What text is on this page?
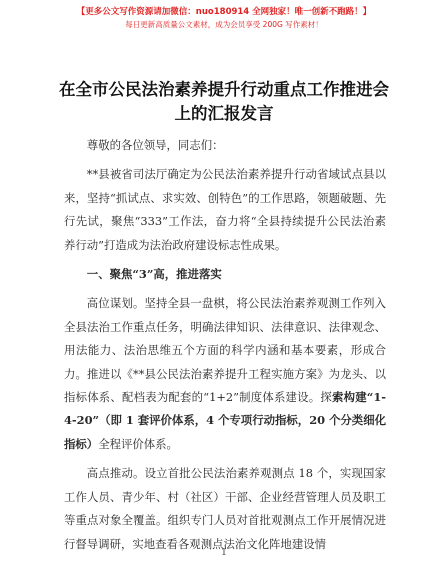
【更多公文写作资源请加微信：nuo180914 全网独家！唯一创新不跑路！】
每日更新高质量公文素材，成为会员享受 200G 写作素材！
在全市公民法治素养提升行动重点工作推进会
上的汇报发言

尊敬的各位领导，同志们：

**县被省司法厅确定为公民法治素养提升行动省域试点县以来，坚持“抓试点、求实效、创特色”的工作思路，领题破题、先行先试，聚焦“333”工作法，奋力将“全县持续提升公民法治素养行动”打造成为法治政府建设标志性成果。

一、聚焦“3”高，推进落实

高位谋划。坚持全县一盘棋，将公民法治素养观测工作列入全县法治工作重点任务，明确法律知识、法律意识、法律观念、用法能力、法治思维五个方面的科学内涵和基本要素，形成合力。推进以《**县公民法治素养提升工程实施方案》为龙头、以指标体系、配档表为配套的“1+2”制度体系建设。探索构建“1-4-20”（即 1 套评价体系，4 个专项行动指标，20 个分类细化指标）全程评价体系。

高点推动。设立首批公民法治素养观测点 18 个，实现国家工作人员、青少年、村（社区）干部、企业经营管理人员及职工等重点对象全覆盖。组织专门人员对首批观测点工作开展情况进行督导调研，实地查看各观测点法治文化阵地建设情

1
